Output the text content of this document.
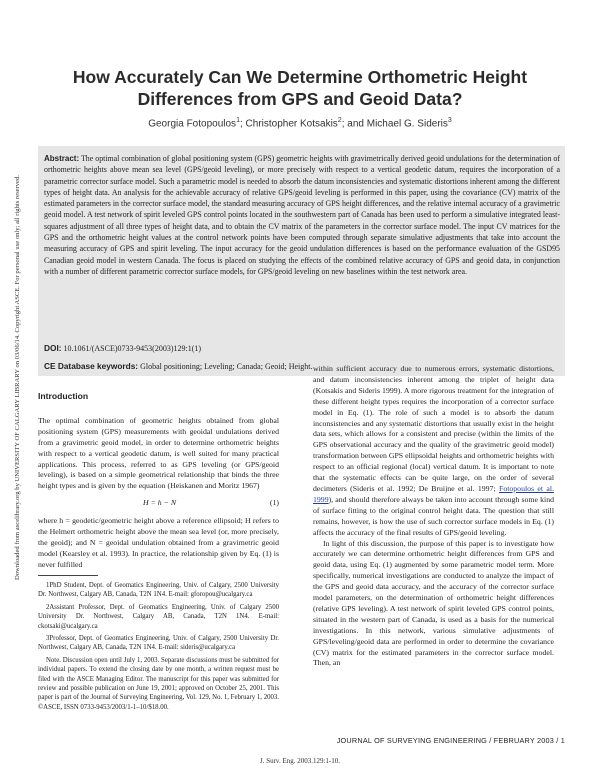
Downloaded from ascelibrary.org by UNIVERSITY OF CALGARY LIBRARY on 03/06/14. Copyright ASCE. For personal use only; all rights reserved.
How Accurately Can We Determine Orthometric Height
Differences from GPS and Geoid Data?
Georgia Fotopoulos$^1$; Christopher Kotsakis$^2$; and Michael G. Sideris$^3$
Abstract: The optimal combination of global positioning system (GPS) geometric heights with gravimetrically derived geoid undulations for the determination of orthometric heights above mean sea level (GPS/geoid leveling), or more precisely with respect to a vertical geodetic datum, requires the incorporation of a parametric corrector surface model. Such a parametric model is needed to absorb the datum inconsistencies and systematic distortions inherent among the different types of height data. An analysis for the achievable accuracy of relative GPS/geoid leveling is performed in this paper, using the covariance (CV) matrix of the estimated parameters in the corrector surface model, the standard measuring accuracy of GPS height differences, and the relative internal accuracy of a gravimetric geoid model. A test network of spirit leveled GPS control points located in the southwestern part of Canada has been used to perform a simulative integrated least-squares adjustment of all three types of height data, and to obtain the CV matrix of the parameters in the corrector surface model. The input CV matrices for the GPS and the orthometric height values at the control network points have been computed through separate simulative adjustments that take into account the measuring accuracy of GPS and spirit leveling. The input accuracy for the geoid undulation differences is based on the performance evaluation of the GSD95 Canadian geoid model in western Canada. The focus is placed on studying the effects of the combined relative accuracy of GPS and geoid data, in conjunction with a number of different parametric corrector surface models, for GPS/geoid leveling on new baselines within the test network area.
DOI: 10.1061/(ASCE)0733-9453(2003)129:1(1)
CE Database keywords: Global positioning; Leveling; Canada; Geoid; Height.
Introduction

The optimal combination of geometric heights obtained from global positioning system (GPS) measurements with geoidal undulations derived from a gravimetric geoid model, in order to determine orthometric heights with respect to a vertical geodetic datum, is well suited for many practical applications. This process, referred to as GPS leveling (or GPS/geoid leveling), is based on a simple geometrical relationship that binds the three height types and is given by the equation (Heiskanen and Moritz 1967)

H = h − N	(1)

where h = geodetic/geometric height above a reference ellipsoid; H refers to the Helmert orthometric height above the mean sea level (or, more precisely, the geoid); and N = geoidal undulation obtained from a gravimetric geoid model (Kearsley et al. 1993). In practice, the relationship given by Eq. (1) is never fulfilled

1PhD Student, Dept. of Geomatics Engineering, Univ. of Calgary, 2500 University Dr. Northwest, Calgary AB, Canada, T2N 1N4. E-mail: gforopou@ucalgary.ca

2Assistant Professor, Dept. of Geomatics Engineering, Univ. of Calgary 2500 University Dr. Northwest, Calgary AB, Canada, T2N 1N4. E-mail: ckotsaki@ucalgary.ca

3Professor, Dept. of Geomatics Engineering, Univ. of Calgary, 2500 University Dr. Northwest, Calgary AB, Canada, T2N 1N4. E-mail: sideris@ucalgary.ca

Note. Discussion open until July 1, 2003. Separate discussions must be submitted for individual papers. To extend the closing date by one month, a written request must be filed with the ASCE Managing Editor. The manuscript for this paper was submitted for review and possible publication on June 19, 2001; approved on October 25, 2001. This paper is part of the Journal of Surveying Engineering, Vol. 129, No. 1, February 1, 2003. ©ASCE, ISSN 0733-9453/2003/1-1–10/$18.00.

within sufficient accuracy due to numerous errors, systematic distortions, and datum inconsistencies inherent among the triplet of height data (Kotsakis and Sideris 1999). A more rigorous treatment for the integration of these different height types requires the incorporation of a corrector surface model in Eq. (1). The role of such a model is to absorb the datum inconsistencies and any systematic distortions that usually exist in the height data sets, which allows for a consistent and precise (within the limits of the GPS observational accuracy and the quality of the gravimetric geoid model) transformation between GPS ellipsoidal heights and orthometric heights with respect to an official regional (local) vertical datum. It is important to note that the systematic effects can be quite large, on the order of several decimeters (Sideris et al. 1992; De Bruijne et al. 1997; Fotopoulos et al. 1999), and should therefore always be taken into account through some kind of surface fitting to the original control height data. The question that still remains, however, is how the use of such corrector surface models in Eq. (1) affects the accuracy of the final results of GPS/geoid leveling.

In light of this discussion, the purpose of this paper is to investigate how accurately we can determine orthometric height differences from GPS and geoid data, using Eq. (1) augmented by some parametric model term. More specifically, numerical investigations are conducted to analyze the impact of the GPS and geoid data accuracy, and the accuracy of the corrector surface model parameters, on the determination of orthometric height differences (relative GPS leveling). A test network of spirit leveled GPS control points, situated in the western part of Canada, is used as a basis for the numerical investigations. In this network, various simulative adjustments of GPS/leveling/geoid data are performed in order to determine the covariance (CV) matrix for the estimated parameters in the corrector surface model. Then, an

JOURNAL OF SURVEYING ENGINEERING / FEBRUARY 2003 / 1
J. Surv. Eng. 2003.129:1-10.
